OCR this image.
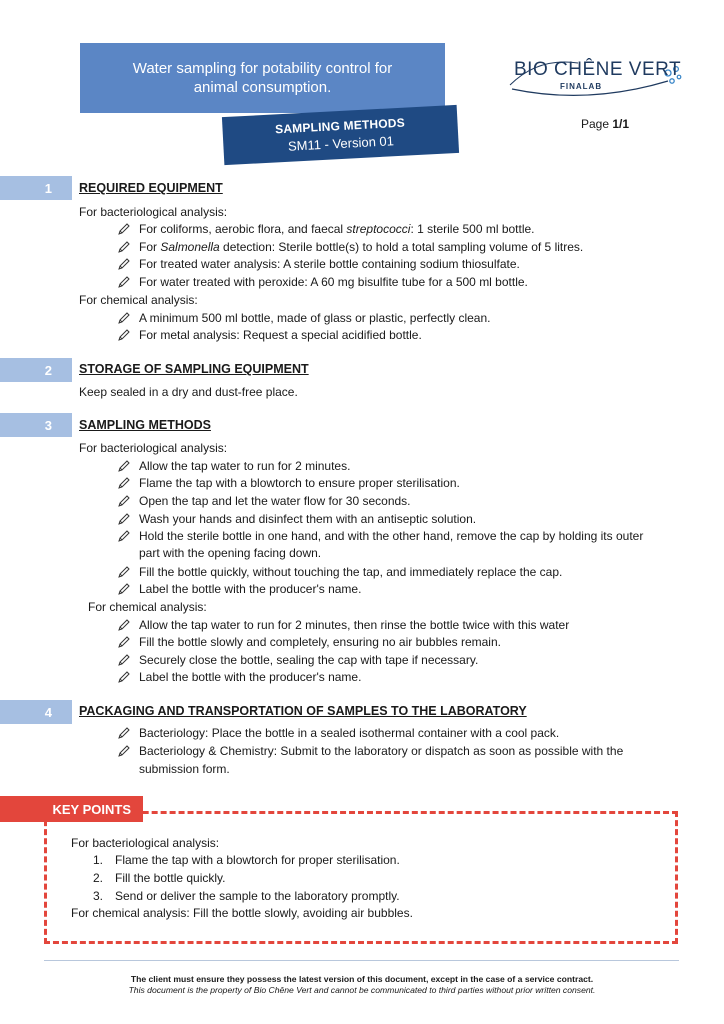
Water sampling for potability control for animal consumption.
SAMPLING METHODS
SM11 - Version 01
BIO CHÊNE VERT
FINALAB
Page 1/1
1	REQUIRED EQUIPMENT
For bacteriological analysis:
For coliforms, aerobic flora, and faecal streptococci: 1 sterile 500 ml bottle.
For Salmonella detection: Sterile bottle(s) to hold a total sampling volume of 5 litres.
For treated water analysis: A sterile bottle containing sodium thiosulfate.
For water treated with peroxide: A 60 mg bisulfite tube for a 500 ml bottle.
For chemical analysis:
A minimum 500 ml bottle, made of glass or plastic, perfectly clean.
For metal analysis: Request a special acidified bottle.
2	STORAGE OF SAMPLING EQUIPMENT
Keep sealed in a dry and dust-free place.
3	SAMPLING METHODS
For bacteriological analysis:
Allow the tap water to run for 2 minutes.
Flame the tap with a blowtorch to ensure proper sterilisation.
Open the tap and let the water flow for 30 seconds.
Wash your hands and disinfect them with an antiseptic solution.
Hold the sterile bottle in one hand, and with the other hand, remove the cap by holding its outer
part with the opening facing down.
Fill the bottle quickly, without touching the tap, and immediately replace the cap.
Label the bottle with the producer's name.
For chemical analysis:
Allow the tap water to run for 2 minutes, then rinse the bottle twice with this water
Fill the bottle slowly and completely, ensuring no air bubbles remain.
Securely close the bottle, sealing the cap with tape if necessary.
Label the bottle with the producer's name.
4	PACKAGING AND TRANSPORTATION OF SAMPLES TO THE LABORATORY
Bacteriology: Place the bottle in a sealed isothermal container with a cool pack.
Bacteriology & Chemistry: Submit to the laboratory or dispatch as soon as possible with the
submission form.
KEY POINTS
For bacteriological analysis:
1. Flame the tap with a blowtorch for proper sterilisation.
2. Fill the bottle quickly.
3. Send or deliver the sample to the laboratory promptly.
For chemical analysis: Fill the bottle slowly, avoiding air bubbles.
The client must ensure they possess the latest version of this document, except in the case of a service contract.
This document is the property of Bio Chêne Vert and cannot be communicated to third parties without prior written consent.
